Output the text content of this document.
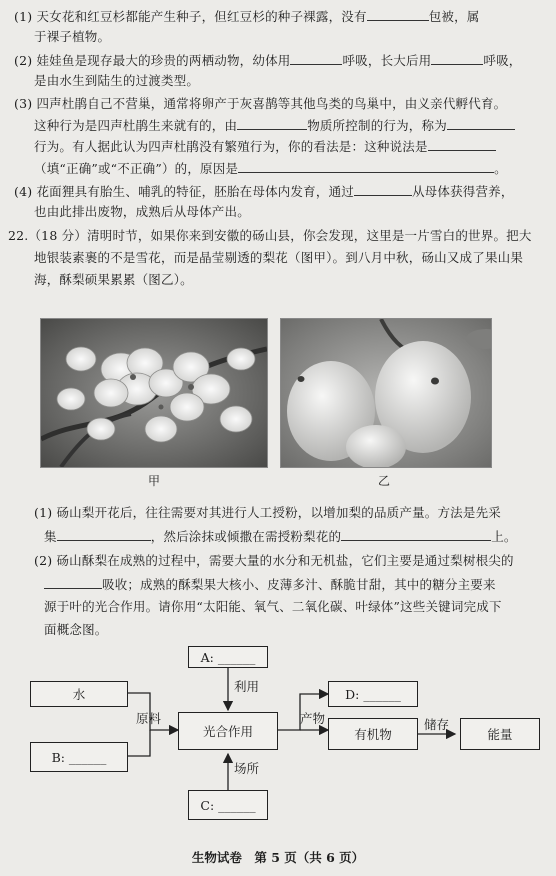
(1) 天女花和红豆杉都能产生种子，但红豆杉的种子裸露，没有	包被，属
于裸子植物。
(2) 娃娃鱼是现存最大的珍贵的两栖动物，幼体用	呼吸，长大后用	呼吸，
是由水生到陆生的过渡类型。
(3) 四声杜鹃自己不营巢，通常将卵产于灰喜鹊等其他鸟类的鸟巢中，由义亲代孵代育。
这种行为是四声杜鹃生来就有的，由	物质所控制的行为，称为
行为。有人据此认为四声杜鹃没有繁殖行为，你的看法是：这种说法是
（填“正确”或“不正确”）的，原因是	。
(4) 花面狸具有胎生、哺乳的特征，胚胎在母体内发育，通过	从母体获得营养，
也由此排出废物，成熟后从母体产出。
22.（18 分）清明时节，如果你来到安徽的砀山县，你会发现，这里是一片雪白的世界。把大
地银装素裹的不是雪花，而是晶莹剔透的梨花（图甲）。到八月中秋，砀山又成了果山果
海，酥梨硕果累累（图乙）。
甲	乙
(1) 砀山梨开花后，往往需要对其进行人工授粉，以增加梨的品质产量。方法是先采
集	，然后涂抹或倾撒在需授粉梨花的	上。
(2) 砀山酥梨在成熟的过程中，需要大量的水分和无机盐，它们主要是通过梨树根尖的
吸收；成熟的酥梨果大核小、皮薄多汁、酥脆甘甜，其中的糖分主要来
源于叶的光合作用。请你用“太阳能、氧气、二氧化碳、叶绿体”这些关键词完成下
面概念图。
A: ______
水
B: ______
光合作用
C: ______
D: ______
有机物	能量
利用
原料	产物	储存
场所
生物试卷　第 5 页（共 6 页）
